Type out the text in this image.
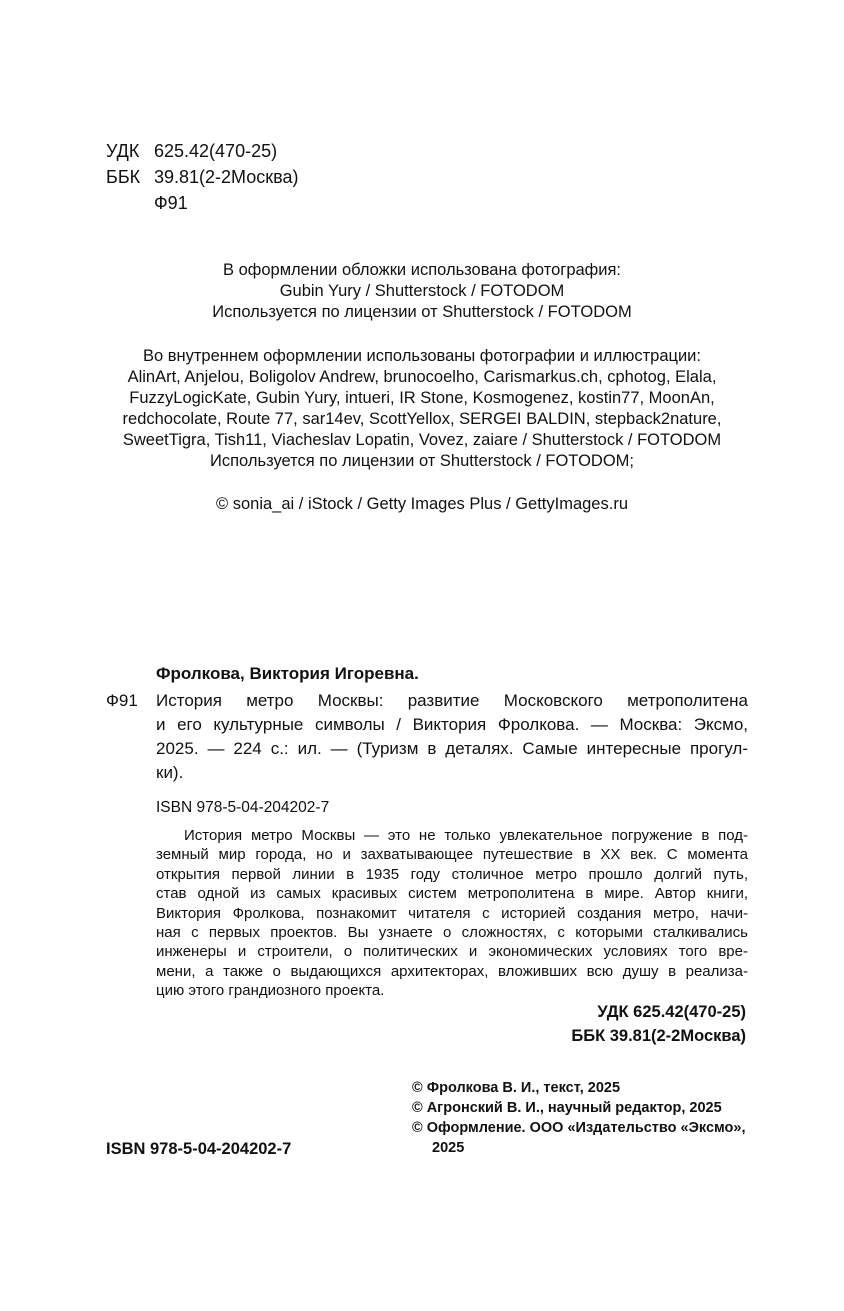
УДК 625.42(470-25)
ББК 39.81(2-2Москва)
Ф91
В оформлении обложки использована фотография:
Gubin Yury / Shutterstock / FOTODOM
Используется по лицензии от Shutterstock / FOTODOM
Во внутреннем оформлении использованы фотографии и иллюстрации:
AlinArt, Anjelou, Boligolov Andrew, brunocoelho, Carismarkus.ch, cphotog, Elala,
FuzzyLogicKate, Gubin Yury, intueri, IR Stone, Kosmogenez, kostin77, MoonAn,
redchocolate, Route 77, sar14ev, ScottYellox, SERGEI BALDIN, stepback2nature,
SweetTigra, Tish11, Viacheslav Lopatin, Vovez, zaiare / Shutterstock / FOTODOM
Используется по лицензии от Shutterstock / FOTODOM;
© sonia_ai / iStock / Getty Images Plus / GettyImages.ru
Фролкова, Виктория Игоревна.
Ф91	История метро Москвы: развитие Московского метрополитена
и его культурные символы / Виктория Фролкова. — Москва: Эксмо,
2025. — 224 с.: ил. — (Туризм в деталях. Самые интересные прогул-
ки).
ISBN 978-5-04-204202-7
История метро Москвы — это не только увлекательное погружение в под-
земный мир города, но и захватывающее путешествие в XX век. С момента
открытия первой линии в 1935 году столичное метро прошло долгий путь,
став одной из самых красивых систем метрополитена в мире. Автор книги,
Виктория Фролкова, познакомит читателя с историей создания метро, начи-
ная с первых проектов. Вы узнаете о сложностях, с которыми сталкивались
инженеры и строители, о политических и экономических условиях того вре-
мени, а также о выдающихся архитекторах, вложивших всю душу в реализа-
цию этого грандиозного проекта.
УДК 625.42(470-25)
ББК 39.81(2-2Москва)
© Фролкова В. И., текст, 2025
© Агронский В. И., научный редактор, 2025
© Оформление. ООО «Издательство «Эксмо»,
2025
ISBN 978-5-04-204202-7
